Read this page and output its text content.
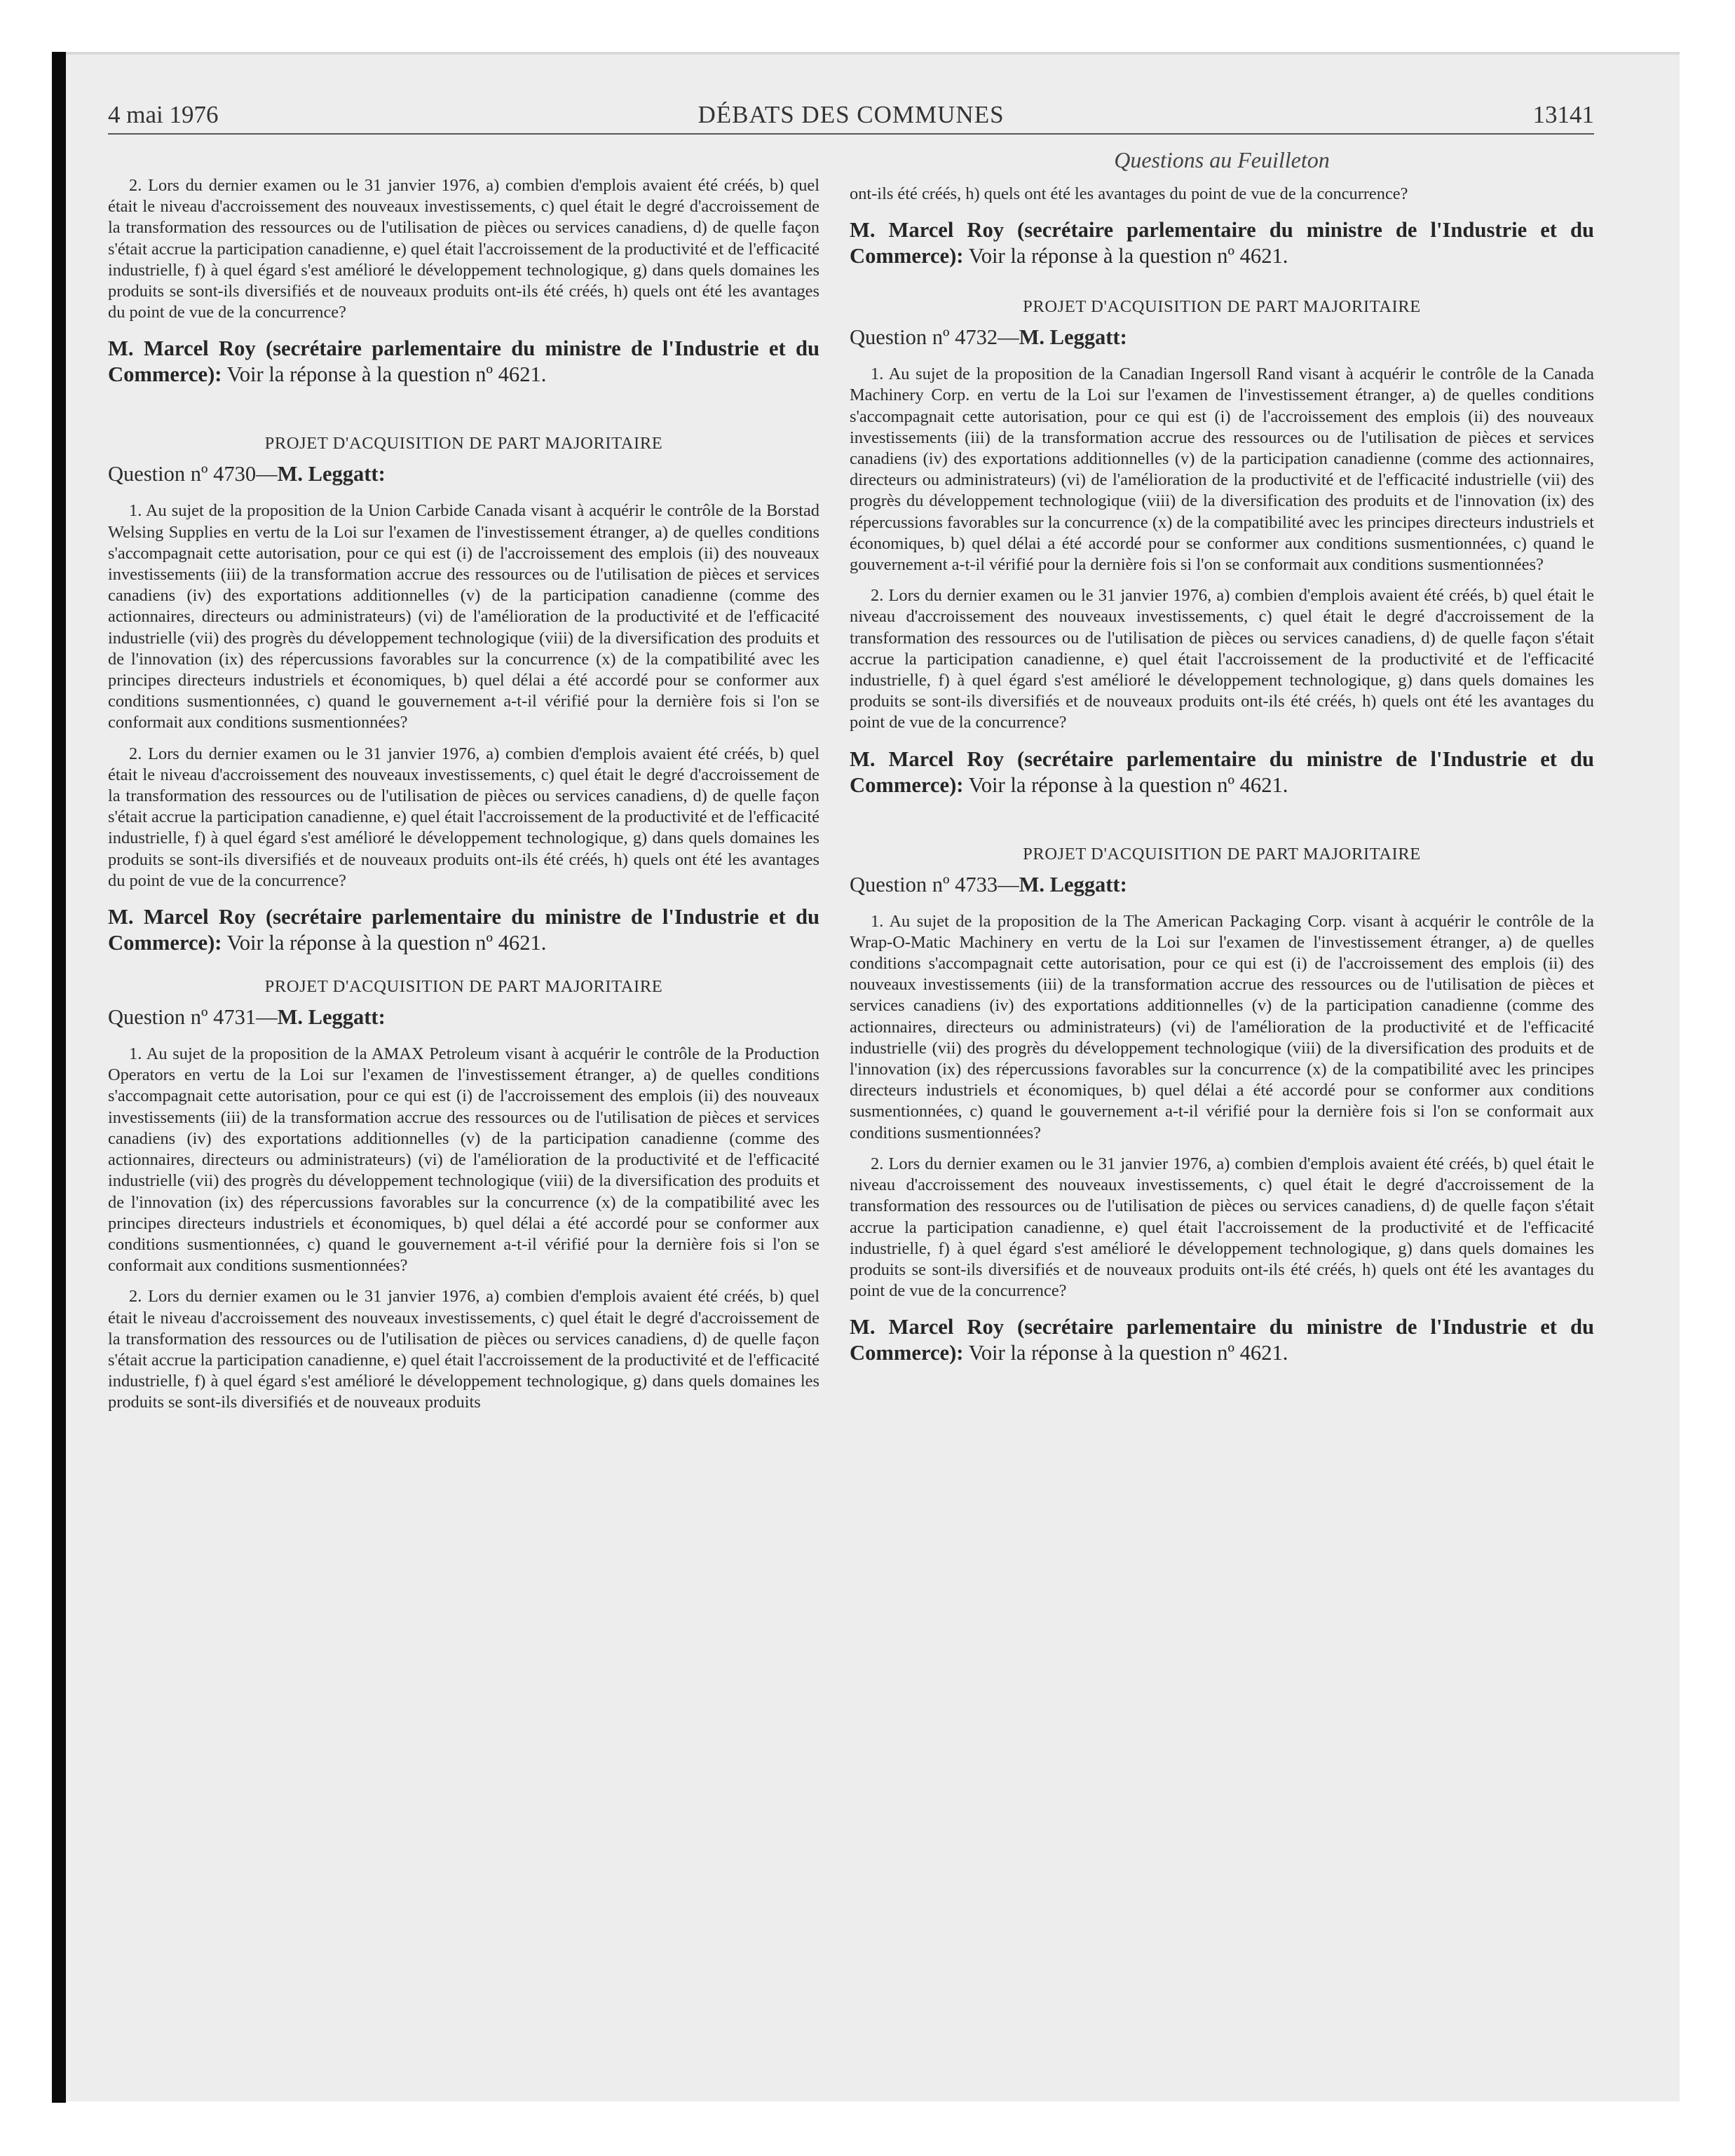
4 mai 1976	DÉBATS DES COMMUNES	13141
Questions au Feuilleton

2. Lors du dernier examen ou le 31 janvier 1976, a) combien d'emplois avaient été créés, b) quel était le niveau d'accroissement des nouveaux investissements, c) quel était le degré d'accroissement de la transformation des ressources ou de l'utilisation de pièces ou services canadiens, d) de quelle façon s'était accrue la participation canadienne, e) quel était l'accroissement de la productivité et de l'efficacité industrielle, f) à quel égard s'est amélioré le développement technologique, g) dans quels domaines les produits se sont-ils diversifiés et de nouveaux produits ont-ils été créés, h) quels ont été les avantages du point de vue de la concurrence?

M. Marcel Roy (secrétaire parlementaire du ministre de l'Industrie et du Commerce): Voir la réponse à la question nº 4621.
PROJET D'ACQUISITION DE PART MAJORITAIRE
Question nº 4730—M. Leggatt:

1. Au sujet de la proposition de la Union Carbide Canada visant à acquérir le contrôle de la Borstad Welsing Supplies en vertu de la Loi sur l'examen de l'investissement étranger, a) de quelles conditions s'accompagnait cette autorisation, pour ce qui est (i) de l'accroissement des emplois (ii) des nouveaux investissements (iii) de la transformation accrue des ressources ou de l'utilisation de pièces et services canadiens (iv) des exportations additionnelles (v) de la participation canadienne (comme des actionnaires, directeurs ou administrateurs) (vi) de l'amélioration de la productivité et de l'efficacité industrielle (vii) des progrès du développement technologique (viii) de la diversification des produits et de l'innovation (ix) des répercussions favorables sur la concurrence (x) de la compatibilité avec les principes directeurs industriels et économiques, b) quel délai a été accordé pour se conformer aux conditions susmentionnées, c) quand le gouvernement a-t-il vérifié pour la dernière fois si l'on se conformait aux conditions susmentionnées?

2. Lors du dernier examen ou le 31 janvier 1976, a) combien d'emplois avaient été créés, b) quel était le niveau d'accroissement des nouveaux investissements, c) quel était le degré d'accroissement de la transformation des ressources ou de l'utilisation de pièces ou services canadiens, d) de quelle façon s'était accrue la participation canadienne, e) quel était l'accroissement de la productivité et de l'efficacité industrielle, f) à quel égard s'est amélioré le développement technologique, g) dans quels domaines les produits se sont-ils diversifiés et de nouveaux produits ont-ils été créés, h) quels ont été les avantages du point de vue de la concurrence?

M. Marcel Roy (secrétaire parlementaire du ministre de l'Industrie et du Commerce): Voir la réponse à la question nº 4621.
PROJET D'ACQUISITION DE PART MAJORITAIRE
Question nº 4731—M. Leggatt:

1. Au sujet de la proposition de la AMAX Petroleum visant à acquérir le contrôle de la Production Operators en vertu de la Loi sur l'examen de l'investissement étranger, a) de quelles conditions s'accompagnait cette autorisation, pour ce qui est (i) de l'accroissement des emplois (ii) des nouveaux investissements (iii) de la transformation accrue des ressources ou de l'utilisation de pièces et services canadiens (iv) des exportations additionnelles (v) de la participation canadienne (comme des actionnaires, directeurs ou administrateurs) (vi) de l'amélioration de la productivité et de l'efficacité industrielle (vii) des progrès du développement technologique (viii) de la diversification des produits et de l'innovation (ix) des répercussions favorables sur la concurrence (x) de la compatibilité avec les principes directeurs industriels et économiques, b) quel délai a été accordé pour se conformer aux conditions susmentionnées, c) quand le gouvernement a-t-il vérifié pour la dernière fois si l'on se conformait aux conditions susmentionnées?

2. Lors du dernier examen ou le 31 janvier 1976, a) combien d'emplois avaient été créés, b) quel était le niveau d'accroissement des nouveaux investissements, c) quel était le degré d'accroissement de la transformation des ressources ou de l'utilisation de pièces ou services canadiens, d) de quelle façon s'était accrue la participation canadienne, e) quel était l'accroissement de la productivité et de l'efficacité industrielle, f) à quel égard s'est amélioré le développement technologique, g) dans quels domaines les produits se sont-ils diversifiés et de nouveaux produits

ont-ils été créés, h) quels ont été les avantages du point de vue de la concurrence?

M. Marcel Roy (secrétaire parlementaire du ministre de l'Industrie et du Commerce): Voir la réponse à la question nº 4621.
PROJET D'ACQUISITION DE PART MAJORITAIRE
Question nº 4732—M. Leggatt:

1. Au sujet de la proposition de la Canadian Ingersoll Rand visant à acquérir le contrôle de la Canada Machinery Corp. en vertu de la Loi sur l'examen de l'investissement étranger, a) de quelles conditions s'accompagnait cette autorisation, pour ce qui est (i) de l'accroissement des emplois (ii) des nouveaux investissements (iii) de la transformation accrue des ressources ou de l'utilisation de pièces et services canadiens (iv) des exportations additionnelles (v) de la participation canadienne (comme des actionnaires, directeurs ou administrateurs) (vi) de l'amélioration de la productivité et de l'efficacité industrielle (vii) des progrès du développement technologique (viii) de la diversification des produits et de l'innovation (ix) des répercussions favorables sur la concurrence (x) de la compatibilité avec les principes directeurs industriels et économiques, b) quel délai a été accordé pour se conformer aux conditions susmentionnées, c) quand le gouvernement a-t-il vérifié pour la dernière fois si l'on se conformait aux conditions susmentionnées?

2. Lors du dernier examen ou le 31 janvier 1976, a) combien d'emplois avaient été créés, b) quel était le niveau d'accroissement des nouveaux investissements, c) quel était le degré d'accroissement de la transformation des ressources ou de l'utilisation de pièces ou services canadiens, d) de quelle façon s'était accrue la participation canadienne, e) quel était l'accroissement de la productivité et de l'efficacité industrielle, f) à quel égard s'est amélioré le développement technologique, g) dans quels domaines les produits se sont-ils diversifiés et de nouveaux produits ont-ils été créés, h) quels ont été les avantages du point de vue de la concurrence?

M. Marcel Roy (secrétaire parlementaire du ministre de l'Industrie et du Commerce): Voir la réponse à la question nº 4621.
PROJET D'ACQUISITION DE PART MAJORITAIRE
Question nº 4733—M. Leggatt:

1. Au sujet de la proposition de la The American Packaging Corp. visant à acquérir le contrôle de la Wrap-O-Matic Machinery en vertu de la Loi sur l'examen de l'investissement étranger, a) de quelles conditions s'accompagnait cette autorisation, pour ce qui est (i) de l'accroissement des emplois (ii) des nouveaux investissements (iii) de la transformation accrue des ressources ou de l'utilisation de pièces et services canadiens (iv) des exportations additionnelles (v) de la participation canadienne (comme des actionnaires, directeurs ou administrateurs) (vi) de l'amélioration de la productivité et de l'efficacité industrielle (vii) des progrès du développement technologique (viii) de la diversification des produits et de l'innovation (ix) des répercussions favorables sur la concurrence (x) de la compatibilité avec les principes directeurs industriels et économiques, b) quel délai a été accordé pour se conformer aux conditions susmentionnées, c) quand le gouvernement a-t-il vérifié pour la dernière fois si l'on se conformait aux conditions susmentionnées?

2. Lors du dernier examen ou le 31 janvier 1976, a) combien d'emplois avaient été créés, b) quel était le niveau d'accroissement des nouveaux investissements, c) quel était le degré d'accroissement de la transformation des ressources ou de l'utilisation de pièces ou services canadiens, d) de quelle façon s'était accrue la participation canadienne, e) quel était l'accroissement de la productivité et de l'efficacité industrielle, f) à quel égard s'est amélioré le développement technologique, g) dans quels domaines les produits se sont-ils diversifiés et de nouveaux produits ont-ils été créés, h) quels ont été les avantages du point de vue de la concurrence?

M. Marcel Roy (secrétaire parlementaire du ministre de l'Industrie et du Commerce): Voir la réponse à la question nº 4621.
